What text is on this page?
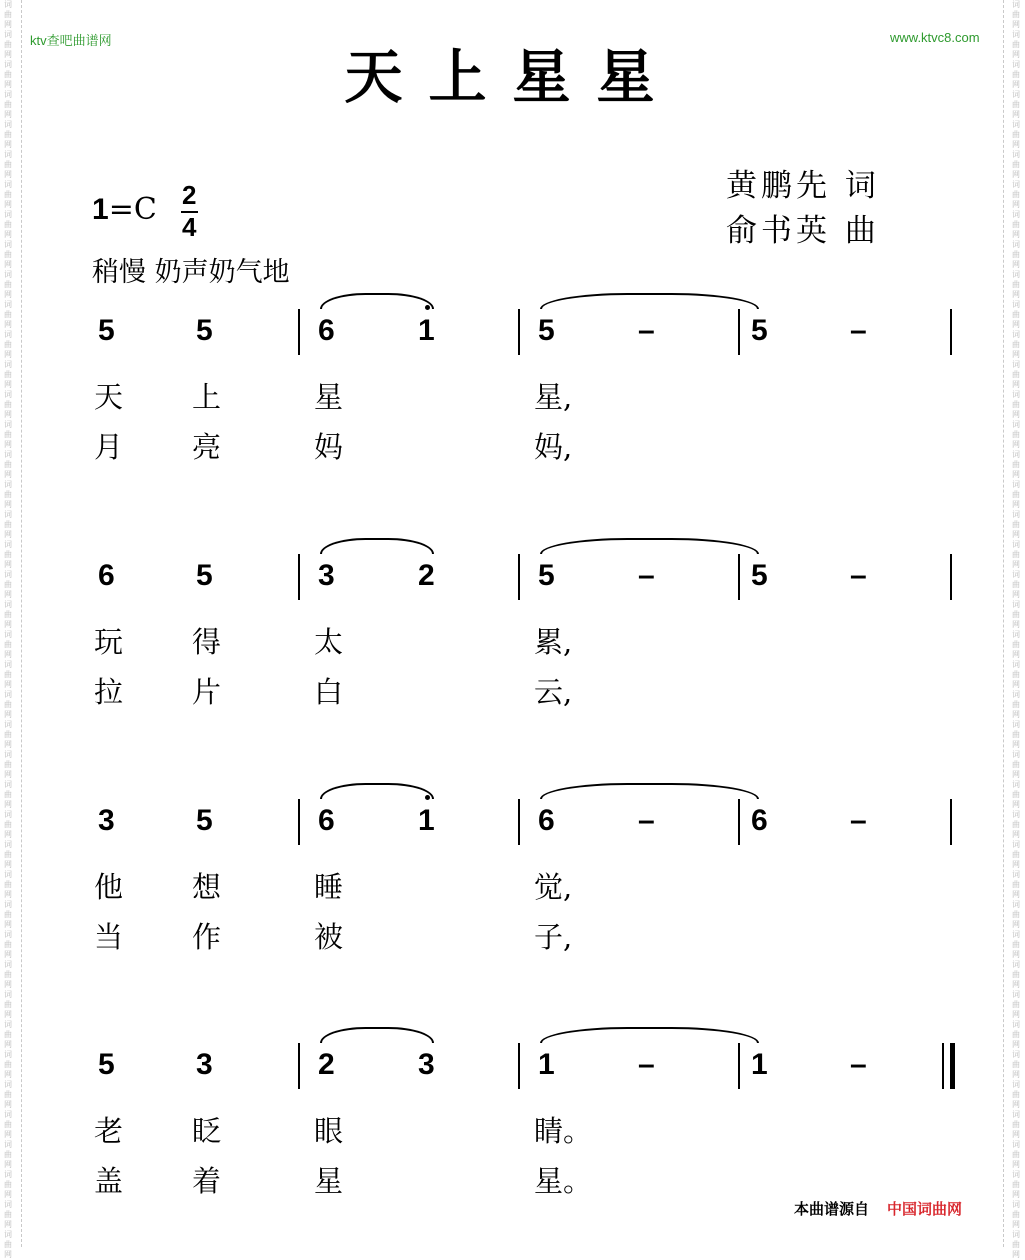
词曲网词曲网词曲网词曲网词曲网词曲网词曲网词曲网词曲网词曲网词曲网词曲网词曲网词曲网词曲网词曲网词曲网词曲网词曲网词曲网词曲网词曲网词曲网词曲网词曲网词曲网词曲网词曲网词曲网词曲网词曲网词曲网词曲网词曲网词曲网词曲网词曲网词曲网词曲网词曲网词曲网词曲网
词曲网词曲网词曲网词曲网词曲网词曲网词曲网词曲网词曲网词曲网词曲网词曲网词曲网词曲网词曲网词曲网词曲网词曲网词曲网词曲网词曲网词曲网词曲网词曲网词曲网词曲网词曲网词曲网词曲网词曲网词曲网词曲网词曲网词曲网词曲网词曲网词曲网词曲网词曲网词曲网词曲网词曲网
ktv查吧曲谱网	www.ktvc8.com
天上星星
黄鹏先 词
俞书英 曲
1=C 2
4
稍慢 奶声奶气地
5	5	6	1	5	–	5	–
天 上	星	星,
月 亮	妈	妈,
6	5	3	2	5	–	5	–
玩 得	太	累,
拉 片	白	云,
3	5	6	1	6	–	6	–
他 想	睡	觉,
当 作	被	子,
5	3	2	3	1	–	1	–
老 眨	眼	睛。
盖 着	星	星。
本曲谱源自 中国词曲网
